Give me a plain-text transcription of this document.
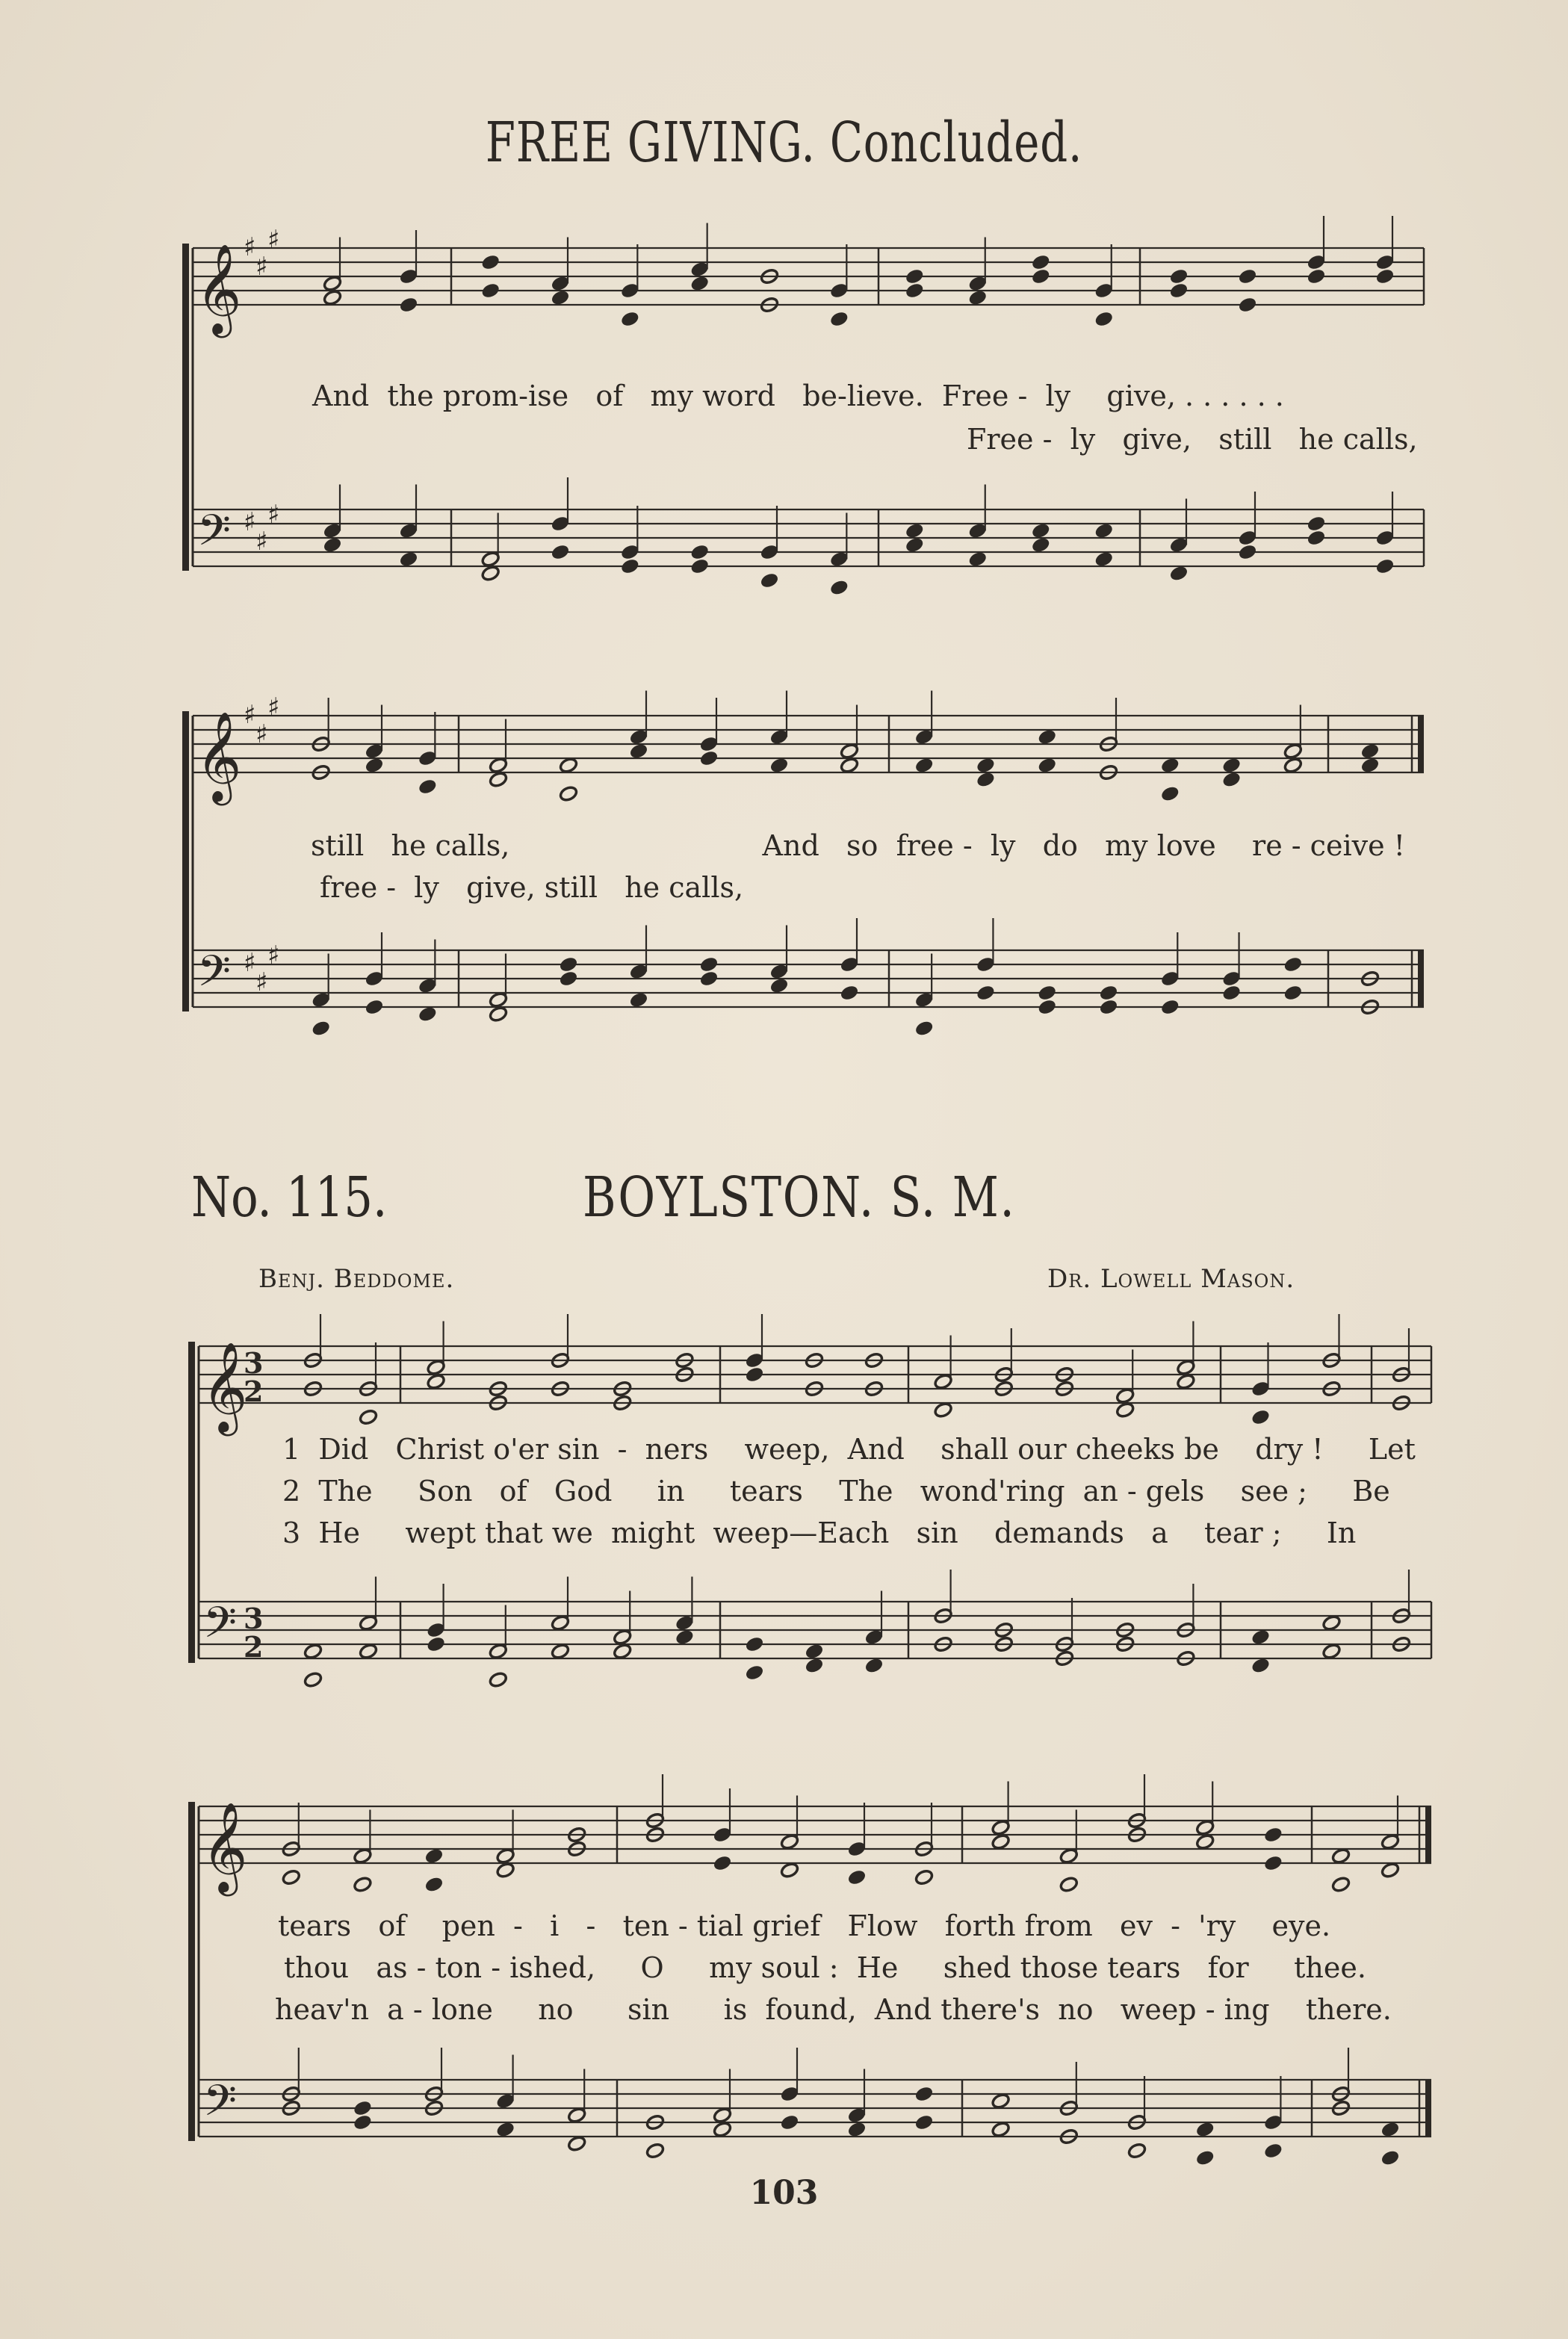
FREE GIVING. Concluded.
𝄞
𝄢
♯
♯
♯
♯
♯
♯
𝄞
𝄢
♯
♯
♯
♯
♯
♯
𝄞
𝄢
3
2
3
2
𝄞
𝄢
And  the prom-ise   of   my word   be-lieve.  Free -  ly    give, . . . . . .
Free -  ly   give,   still   he calls,
still   he calls,                            And   so  free -  ly   do   my love    re - ceive !
free -  ly   give, still   he calls,
No. 115.	BOYLSTON. S. M.
Benj. Beddome.	Dr. Lowell Mason.
1  Did   Christ o'er sin  -  ners    weep,  And    shall our cheeks be    dry !     Let
2  The     Son   of   God     in     tears    The   wond'ring  an - gels    see ;     Be
3  He     wept that we  might  weep—Each   sin    demands   a    tear ;     In
tears   of    pen  -   i   -   ten - tial grief   Flow   forth from   ev  -  'ry    eye.
thou   as - ton - ished,     O     my soul :  He     shed those tears   for     thee.
heav'n  a - lone     no      sin      is  found,  And there's  no   weep - ing    there.
103
